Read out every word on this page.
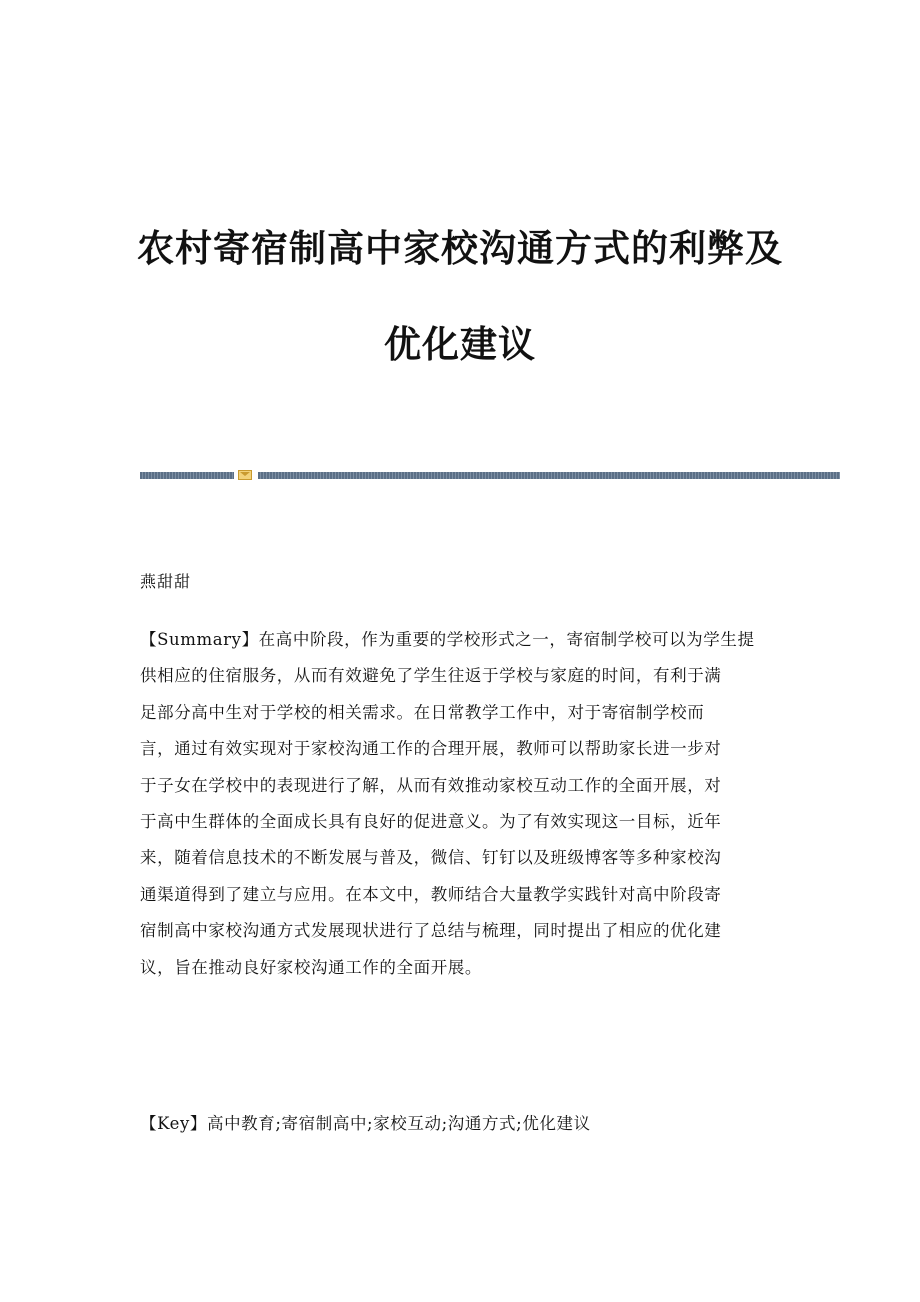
农村寄宿制高中家校沟通方式的利弊及
优化建议
燕甜甜
【Summary】在高中阶段，作为重要的学校形式之一，寄宿制学校可以为学生提
供相应的住宿服务，从而有效避免了学生往返于学校与家庭的时间，有利于满
足部分高中生对于学校的相关需求。在日常教学工作中，对于寄宿制学校而
言，通过有效实现对于家校沟通工作的合理开展，教师可以帮助家长进一步对
于子女在学校中的表现进行了解，从而有效推动家校互动工作的全面开展，对
于高中生群体的全面成长具有良好的促进意义。为了有效实现这一目标，近年
来，随着信息技术的不断发展与普及，微信、钉钉以及班级博客等多种家校沟
通渠道得到了建立与应用。在本文中，教师结合大量教学实践针对高中阶段寄
宿制高中家校沟通方式发展现状进行了总结与梳理，同时提出了相应的优化建
议，旨在推动良好家校沟通工作的全面开展。
【Key】高中教育;寄宿制高中;家校互动;沟通方式;优化建议
